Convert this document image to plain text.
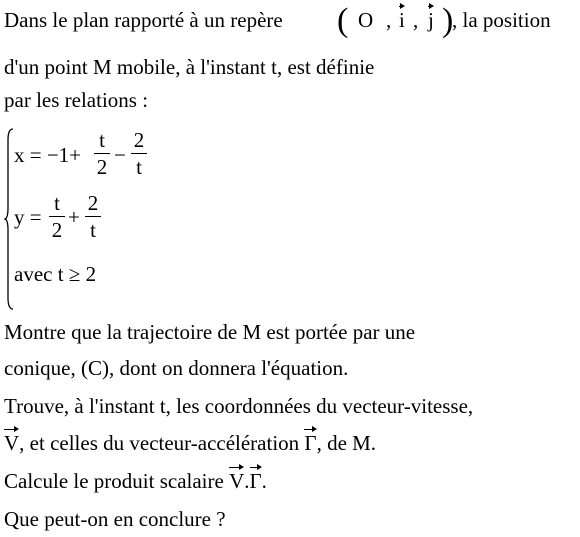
Dans le plan rapporté à un repère ( O , i , j )
, la position
d'un point M mobile, à l'instant t, est définie
par les relations :
x = −1+
t
2 −
2
t
y =
t
2
+
2
t
avec t ≥ 2
Montre que la trajectoire de M est portée par une
conique, (C), dont on donnera l'équation.
Trouve, à l'instant t, les coordonnées du vecteur-vitesse,
V, et celles du vecteur-accélération Γ, de M.
Calcule le produit scalaire V.
Γ.
Que peut-on en conclure ?
